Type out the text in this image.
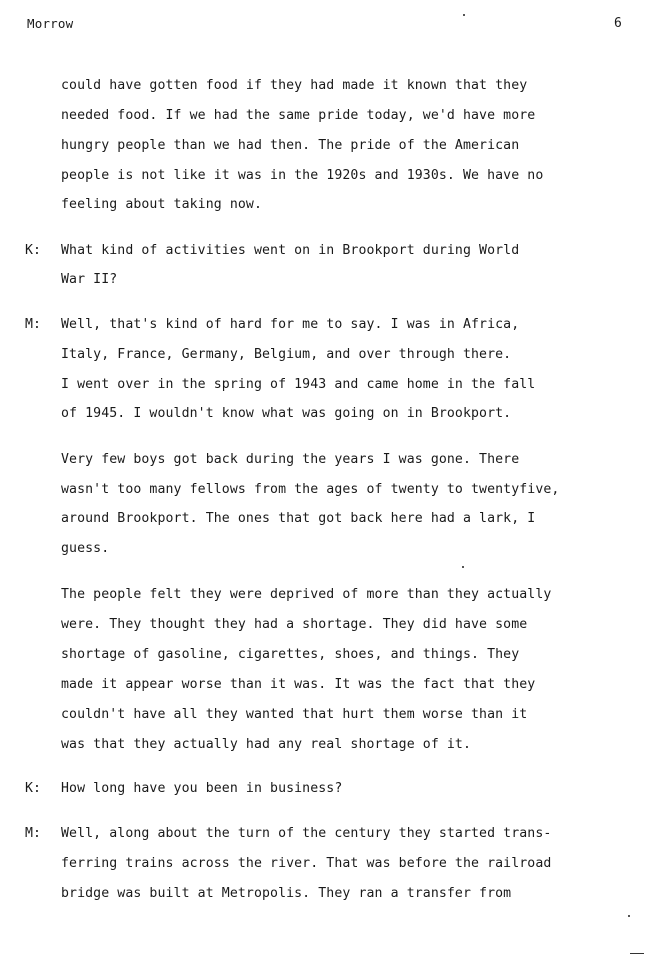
Morrow	6
could have gotten food if they had made it known that they
needed food. If we had the same pride today, we'd have more
hungry people than we had then. The pride of the American
people is not like it was in the 1920s and 1930s. We have no
feeling about taking now.
K: What kind of activities went on in Brookport during World
War II?
M: Well, that's kind of hard for me to say. I was in Africa,
Italy, France, Germany, Belgium, and over through there.
I went over in the spring of 1943 and came home in the fall
of 1945. I wouldn't know what was going on in Brookport.
Very few boys got back during the years I was gone. There
wasn't too many fellows from the ages of twenty to twentyfive,
around Brookport. The ones that got back here had a lark, I
guess.
The people felt they were deprived of more than they actually
were. They thought they had a shortage. They did have some
shortage of gasoline, cigarettes, shoes, and things. They
made it appear worse than it was. It was the fact that they
couldn't have all they wanted that hurt them worse than it
was that they actually had any real shortage of it.
K: How long have you been in business?
M: Well, along about the turn of the century they started trans-
ferring trains across the river. That was before the railroad
bridge was built at Metropolis. They ran a transfer from
